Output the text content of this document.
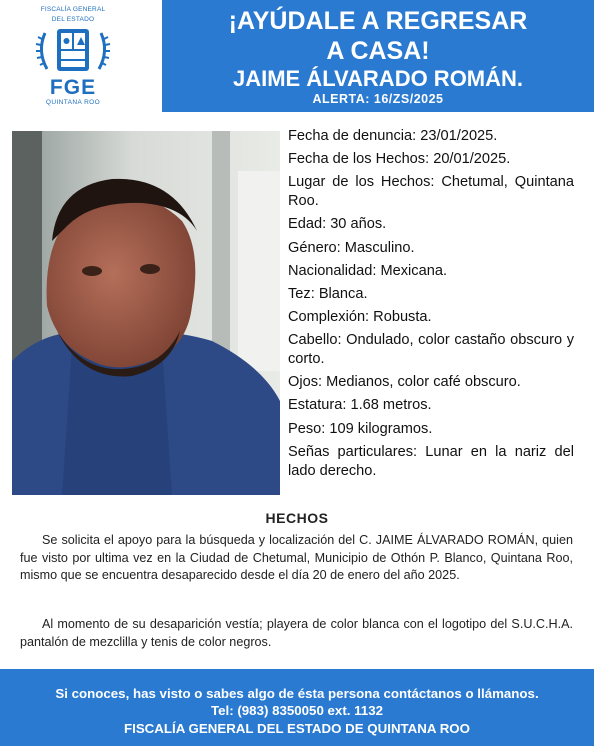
FISCALÍA GENERAL
DEL ESTADO
FGE
QUINTANA ROO
¡AYÚDALE A REGRESAR
A CASA!
JAIME ÁLVARADO ROMÁN.
ALERTA: 16/ZS/2025
Fecha de denuncia: 23/01/2025.
Fecha de los Hechos: 20/01/2025.
Lugar de los Hechos: Chetumal, Quintana Roo.
Edad: 30 años.
Género: Masculino.
Nacionalidad: Mexicana.
Tez: Blanca.
Complexión: Robusta.
Cabello: Ondulado, color castaño obscuro y corto.
Ojos: Medianos, color café obscuro.
Estatura: 1.68 metros.
Peso: 109 kilogramos.
Señas particulares: Lunar en la nariz del lado derecho.
HECHOS
Se solicita el apoyo para la búsqueda y localización del C. JAIME ÁLVARADO ROMÁN, quien fue visto por ultima vez en la Ciudad de Chetumal, Municipio de Othón P. Blanco, Quintana Roo, mismo que se encuentra desaparecido desde el día 20 de enero del año 2025.
Al momento de su desaparición vestía; playera de color blanca con el logotipo del S.U.C.H.A. pantalón de mezclilla y tenis de color negros.
Si conoces, has visto o sabes algo de ésta persona contáctanos o llámanos.
Tel: (983) 8350050 ext. 1132
FISCALÍA GENERAL DEL ESTADO DE QUINTANA ROO
